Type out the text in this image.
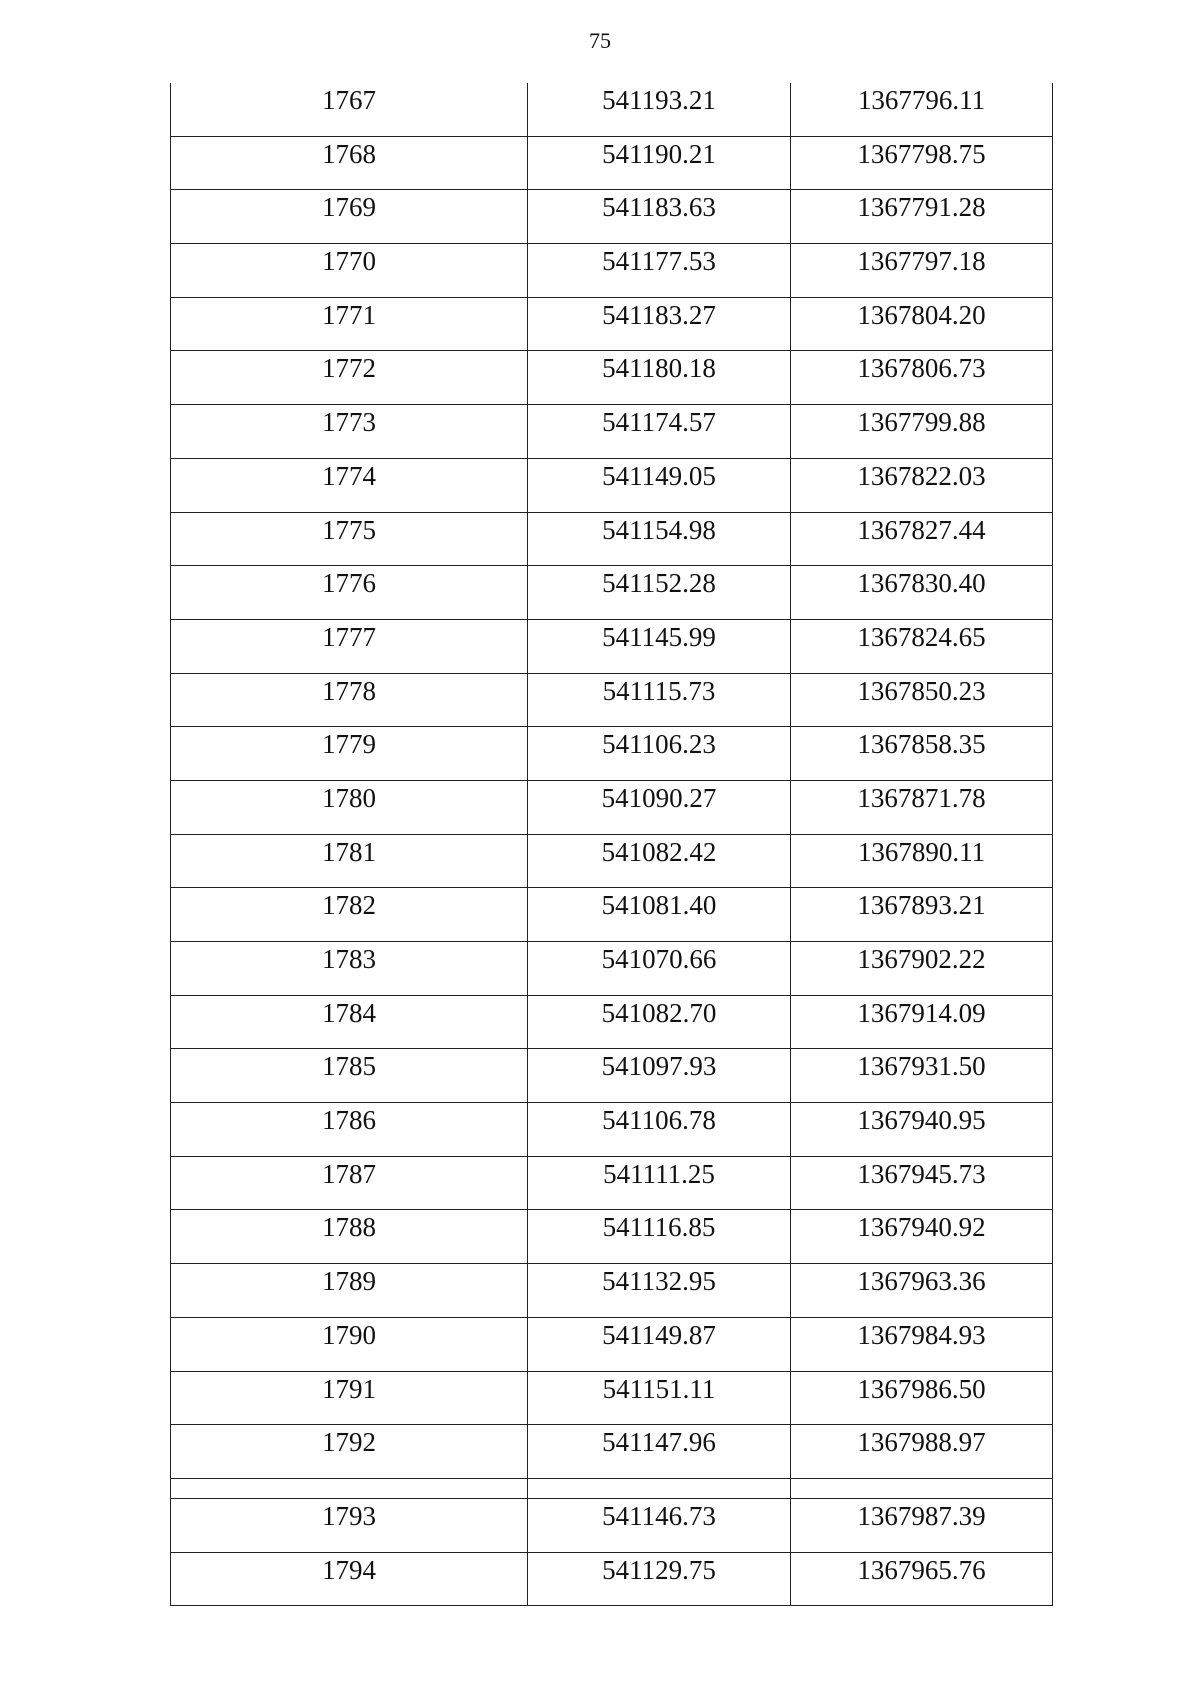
75
1767	541193.21	1367796.11

1768	541190.21	1367798.75

1769	541183.63	1367791.28

1770	541177.53	1367797.18

1771	541183.27	1367804.20

1772	541180.18	1367806.73

1773	541174.57	1367799.88

1774	541149.05	1367822.03

1775	541154.98	1367827.44

1776	541152.28	1367830.40

1777	541145.99	1367824.65

1778	541115.73	1367850.23

1779	541106.23	1367858.35

1780	541090.27	1367871.78

1781	541082.42	1367890.11

1782	541081.40	1367893.21

1783	541070.66	1367902.22

1784	541082.70	1367914.09

1785	541097.93	1367931.50

1786	541106.78	1367940.95

1787	541111.25	1367945.73

1788	541116.85	1367940.92

1789	541132.95	1367963.36

1790	541149.87	1367984.93

1791	541151.11	1367986.50

1792	541147.96	1367988.97

1793	541146.73	1367987.39

1794	541129.75	1367965.76
